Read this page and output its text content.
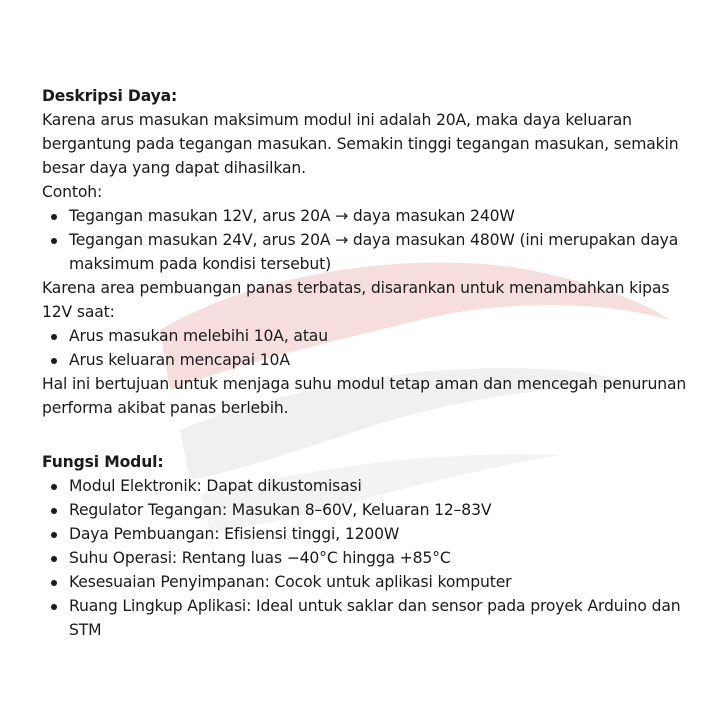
Deskripsi Daya:

Karena arus masukan maksimum modul ini adalah 20A, maka daya keluaran bergantung pada tegangan masukan. Semakin tinggi tegangan masukan, semakin besar daya yang dapat dihasilkan.

Contoh:

Tegangan masukan 12V, arus 20A → daya masukan 240W
Tegangan masukan 24V, arus 20A → daya masukan 480W (ini merupakan daya maksimum pada kondisi tersebut)

Karena area pembuangan panas terbatas, disarankan untuk menambahkan kipas 12V saat:

Arus masukan melebihi 10A, atau
Arus keluaran mencapai 10A

Hal ini bertujuan untuk menjaga suhu modul tetap aman dan mencegah penurunan performa akibat panas berlebih.

Fungsi Modul:

Modul Elektronik: Dapat dikustomisasi
Regulator Tegangan: Masukan 8–60V, Keluaran 12–83V
Daya Pembuangan: Efisiensi tinggi, 1200W
Suhu Operasi: Rentang luas −40°C hingga +85°C
Kesesuaian Penyimpanan: Cocok untuk aplikasi komputer
Ruang Lingkup Aplikasi: Ideal untuk saklar dan sensor pada proyek Arduino dan STM
